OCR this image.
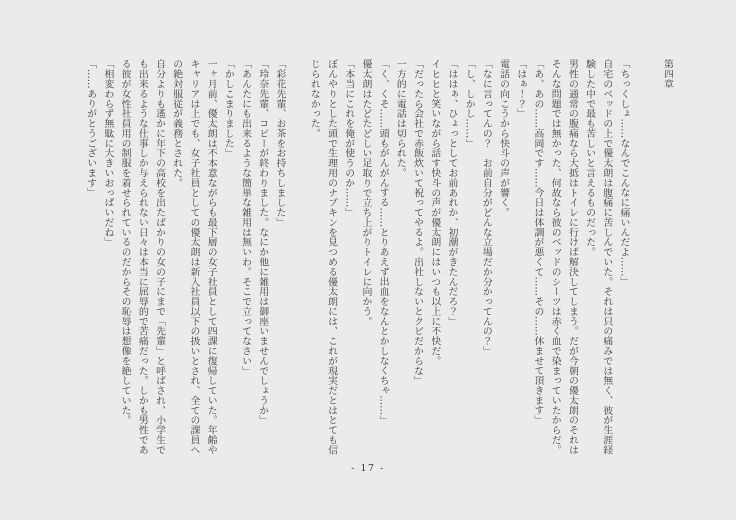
第四章

「ちっくしょ……なんでこんなに痛いんだよ……」

自宅のベッドの上で優太朗は腹痛に苦しんでいた。それは只の痛みでは無く、彼が生涯経

験した中で最も苦しいと言えるものだった。

男性の通常の腹痛なら大抵はトイレに行けば解決してしまう。だが今朝の優太朗のそれは

そんな問題では無かった、何故なら彼のベッドのシーツは赤く血で染まっていたからだ。

「あ、あの……高岡です……今日は体調が悪くて……その……休ませて頂きます」

「はぁ！？」

電話の向こうから快斗の声が響く。

「なに言ってんの？　お前自分がどんな立場だか分かってんの？」

「し、しかし……」

「ははぁ、ひょっとしてお前あれか、初潮がきたんだろ？」

イヒヒと笑いながら話す快斗の声が優太朗にはいつも以上に不快だ。

「だったら会社で赤飯炊いて祝ってやるよ。出社しないとクビだからな」

一方的に電話は切られた。

「く、くそ……頭もがんがんする……とりあえず出血をなんとかしなくちゃ……」

優太朗はたどたどしい足取りで立ち上がりトイレに向かう。

「本当にこれを俺が使うのか……」

ぼんやりとした頭で生理用のナプキンを見つめる優太朗には、これが現実だとはとても信

じられなかった。

「彩花先輩、お茶をお持ちしました」

「玲奈先輩、コピーが終わりました。なにか他に雑用は御座いませんでしょうか」

「あんたにも出来るような簡単な雑用は無いわ。そこで立ってなさい」

「かしこまりました」

一ヶ月前、優太朗は不本意ながらも最下層の女子社員として四課に復帰していた。年齢や

キャリアは上でも、女子社員としての優太朗は新入社員以下の扱いとされ、全ての課員へ

の絶対服従が義務とされた。

自分よりも遙かに年下の高校を出たばかりの女の子にまで「先輩」と呼ばされ、小学生で

も出来るような仕事しか与えられない日々は本当に屈辱的で苦痛だった。しかも男性であ

る彼が女性社員用の制服を着せられているのだからその恥辱は想像を絶していた。

「相変わらず無駄に大きいおっぱいだね」

「……ありがとうございます」

- 17 -
